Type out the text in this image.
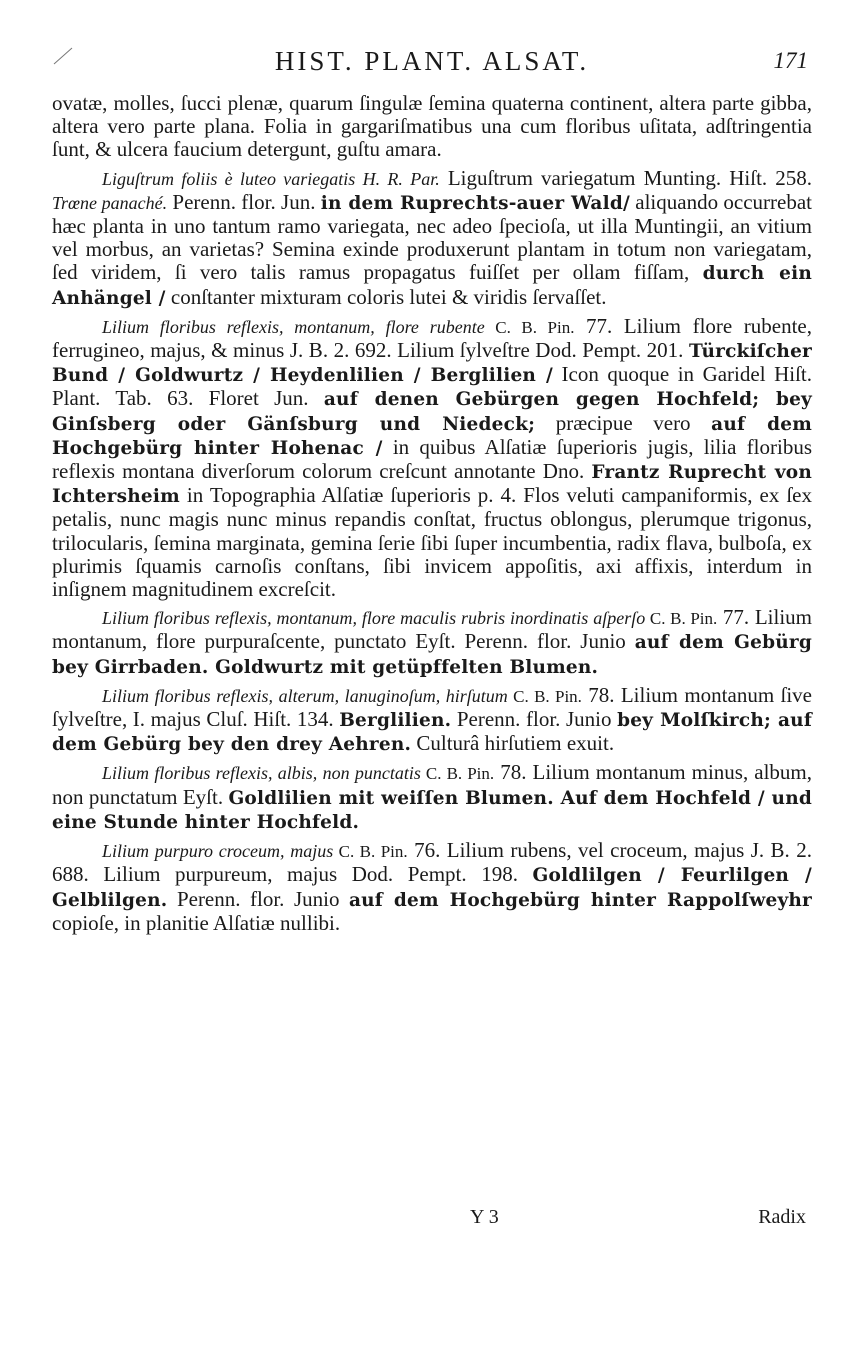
HIST. PLANT. ALSAT.	171

ovatæ, molles, ſucci plenæ, quarum ſingulæ ſemina quaterna continent, altera parte gibba, altera vero parte plana. Folia in gargariſmatibus una cum floribus uſitata, adſtringentia ſunt, & ulcera faucium detergunt, guſtu amara.

Liguſtrum foliis è luteo variegatis H. R. Par. Liguſtrum variegatum Munting. Hiſt. 258. Trœne panaché. Perenn. flor. Jun. in dem Ruprechts-auer Wald/ aliquando occurrebat hæc planta in uno tantum ramo variegata, nec adeo ſpecioſa, ut illa Muntingii, an vitium vel morbus, an varietas? Semina exinde produxerunt plantam in totum non variegatam, ſed viridem, ſi vero talis ramus propagatus fuiſſet per ollam fiſſam, durch ein Anhängel / conſtanter mixturam coloris lutei & viridis ſervaſſet.

Lilium floribus reflexis, montanum, flore rubente C. B. Pin. 77. Lilium flore rubente, ferrugineo, majus, & minus J. B. 2. 692. Lilium ſylveſtre Dod. Pempt. 201. Türckiſcher Bund / Goldwurtz / Heydenlilien / Berglilien / Icon quoque in Garidel Hiſt. Plant. Tab. 63. Floret Jun. auf denen Gebürgen gegen Hochfeld; bey Ginſsberg oder Gänſsburg und Niedeck; præcipue vero auf dem Hochgebürg hinter Hohenac / in quibus Alſatiæ ſuperioris jugis, lilia floribus reflexis montana diverſorum colorum creſcunt annotante Dno. Frantz Ruprecht von Ichtersheim in Topographia Alſatiæ ſuperioris p. 4. Flos veluti campaniformis, ex ſex petalis, nunc magis nunc minus repandis conſtat, fructus oblongus, plerumque trigonus, trilocularis, ſemina marginata, gemina ſerie ſibi ſuper incumbentia, radix flava, bulboſa, ex plurimis ſquamis carnoſis conſtans, ſibi invicem appoſitis, axi affixis, interdum in inſignem magnitudinem excreſcit.

Lilium floribus reflexis, montanum, flore maculis rubris inordinatis aſperſo C. B. Pin. 77. Lilium montanum, flore purpuraſcente, punctato Eyſt. Perenn. flor. Junio auf dem Gebürg bey Girrbaden. Goldwurtz mit getüpffelten Blumen.

Lilium floribus reflexis, alterum, lanuginoſum, hirſutum C. B. Pin. 78. Lilium montanum ſive ſylveſtre, I. majus Cluſ. Hiſt. 134. Berglilien. Perenn. flor. Junio bey Molſkirch; auf dem Gebürg bey den drey Aehren. Culturâ hirſutiem exuit.

Lilium floribus reflexis, albis, non punctatis C. B. Pin. 78. Lilium montanum minus, album, non punctatum Eyſt. Goldlilien mit weiſſen Blumen. Auf dem Hochfeld / und eine Stunde hinter Hochfeld.

Lilium purpuro croceum, majus C. B. Pin. 76. Lilium rubens, vel croceum, majus J. B. 2. 688. Lilium purpureum, majus Dod. Pempt. 198. Goldlilgen / Feurlilgen / Gelblilgen. Perenn. flor. Junio auf dem Hochgebürg hinter Rappolſweyhr copioſe, in planitie Alſatiæ nullibi.

Y 3	Radix
